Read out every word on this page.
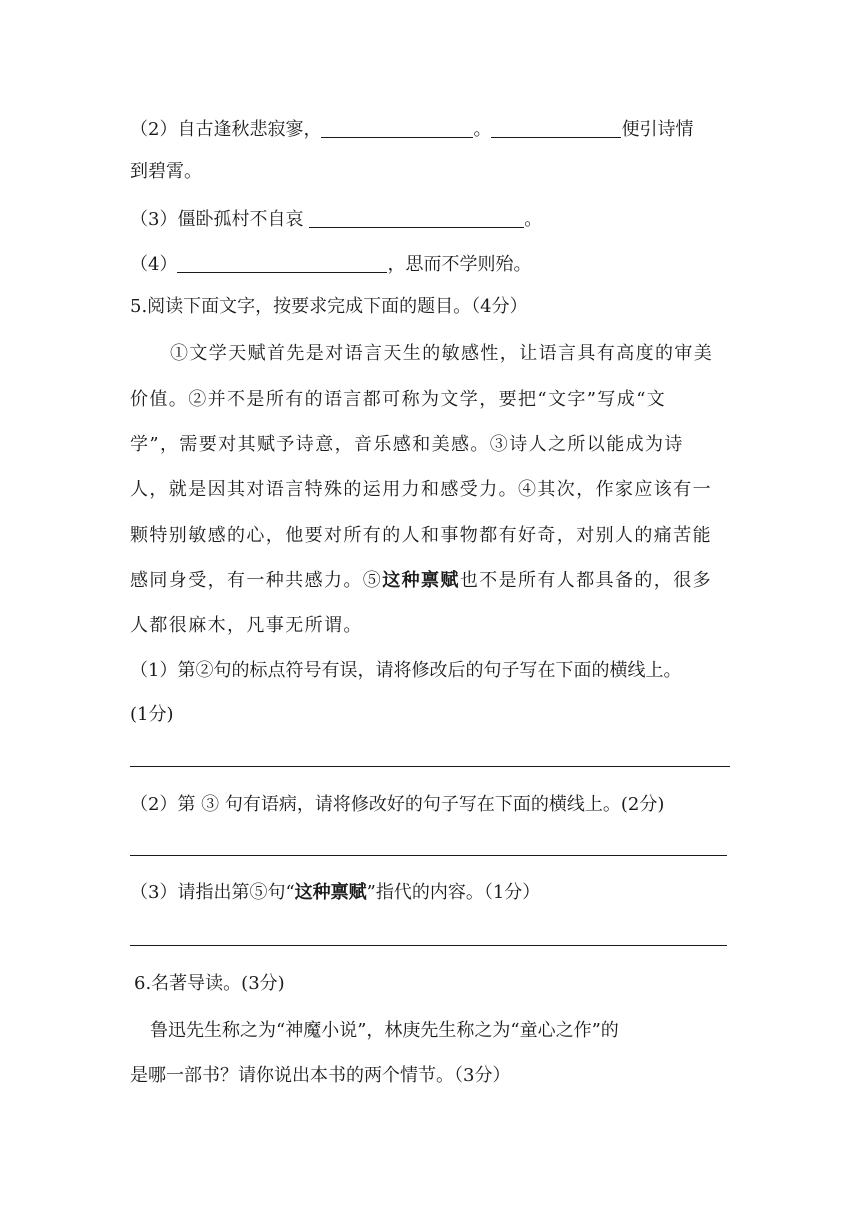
（2）自古逢秋悲寂寥，	。	便引诗情
到碧霄。
（3）僵卧孤村不自哀	。
（4）	，思而不学则殆。
5.阅读下面文字，按要求完成下面的题目。（4分）
①文学天赋首先是对语言天生的敏感性，让语言具有高度的审美
价值。②并不是所有的语言都可称为文学，要把“文字”写成“文
学”，需要对其赋予诗意，音乐感和美感。③诗人之所以能成为诗
人，就是因其对语言特殊的运用力和感受力。④其次，作家应该有一
颗特别敏感的心，他要对所有的人和事物都有好奇，对别人的痛苦能
感同身受，有一种共感力。⑤这种禀赋也不是所有人都具备的，很多
人都很麻木，凡事无所谓。
（1）第②句的标点符号有误，请将修改后的句子写在下面的横线上。
(1分)
（2）第 ③ 句有语病，请将修改好的句子写在下面的横线上。(2分)
（3）请指出第⑤句“这种禀赋”指代的内容。（1分）
6.名著导读。(3分)
鲁迅先生称之为“神魔小说”，林庚先生称之为“童心之作”的
是哪一部书？请你说出本书的两个情节。（3分）
